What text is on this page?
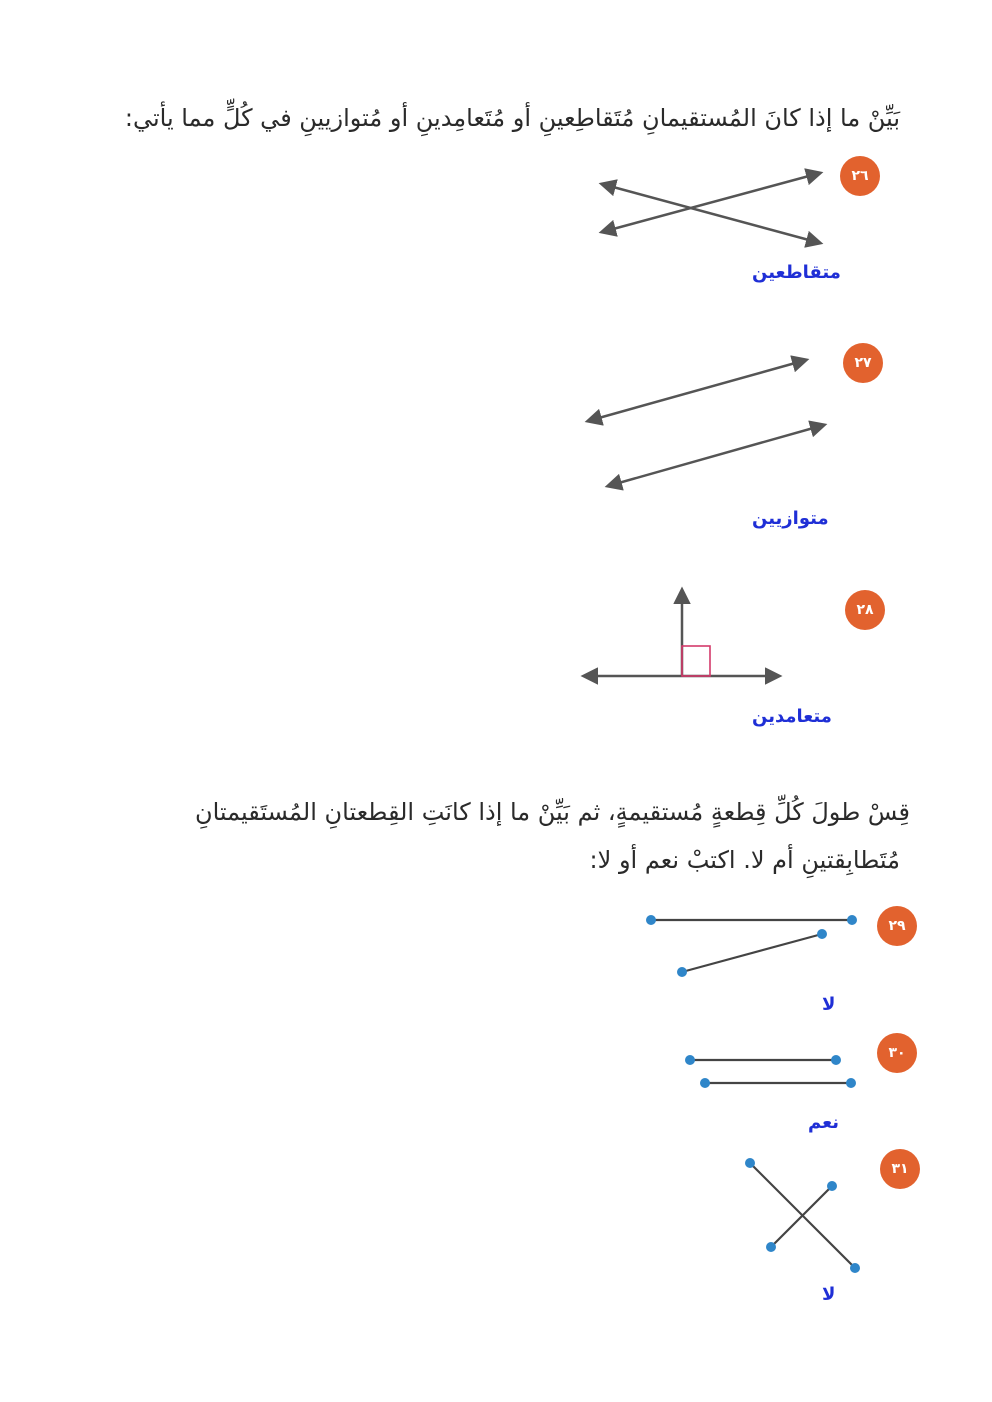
بَيِّنْ ما إذا كانَ المُستقيمانِ مُتَقاطِعينِ أو مُتَعامِدينِ أو مُتوازيينِ في كُلٍّ مما يأتي:
٢٦
٢٧
٢٨
متقاطعين
متوازيين
متعامدين
قِسْ طولَ كُلِّ قِطعةٍ مُستقيمةٍ، ثم بَيِّنْ ما إذا كانَتِ القِطعتانِ المُستَقيمتانِ
مُتَطابِقتينِ أم لا. اكتبْ نعم أو لا:
٢٩
٣٠
٣١
لا
نعم
لا
